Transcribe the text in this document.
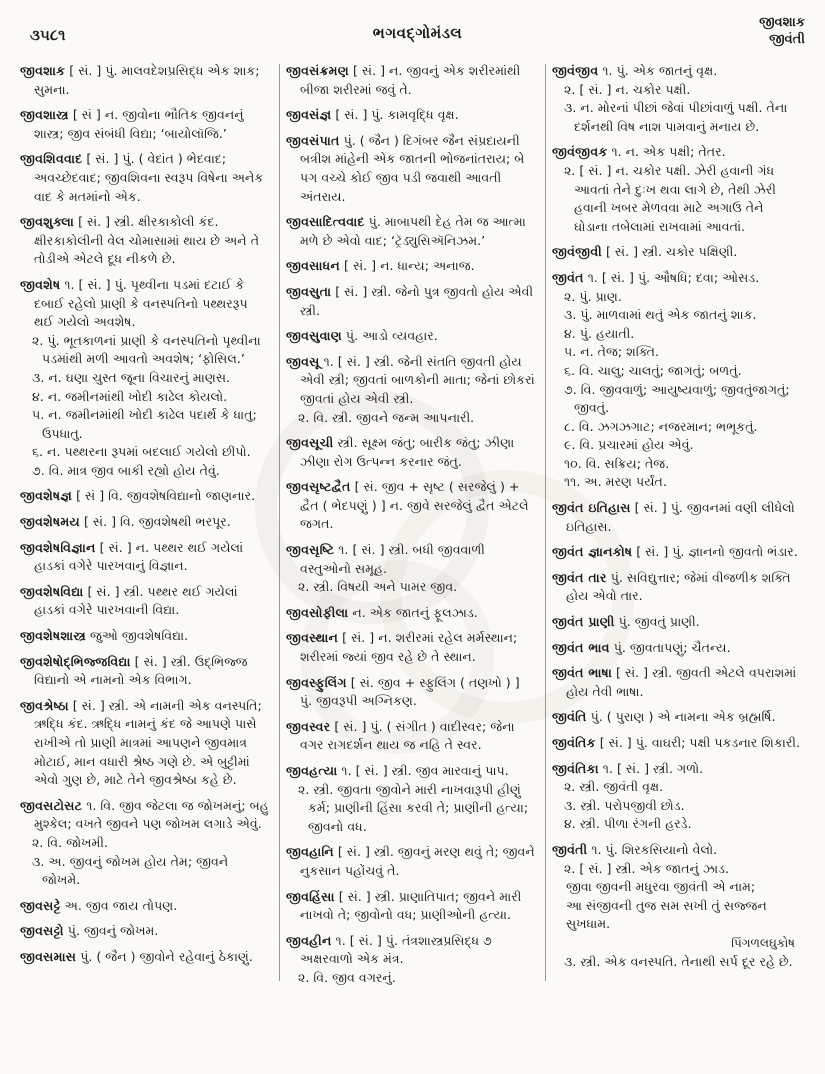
૩૫૮૧	ભગવદ્ગોમંડલ
જીવશાક
જીવંતી

જીવશાક [ સં. ] પું. માલવદેશપ્રસિદ્ધ એક શાક; સુમના.

જીવશાસ્ત્ર [ સં ] ન. જીવોના ભૌતિક જીવનનું શાસ્ત્ર; જીવ સંબંધી વિદ્યા; ‘બાયોલૉજિ.’

જીવશિવવાદ [ સં. ] પું. ( વેદાંત ) ભેદવાદ; અવચ્છેદવાદ; જીવશિવના સ્વરૂપ વિષેના અનેક વાદ કે મતમાંનો એક.

જીવશુક્લા [ સં. ] સ્ત્રી. ક્ષીરકાકોલી કંદ. ક્ષીરકાકોલીની વેલ ચોમાસામાં થાય છે અને તે તોડીએ એટલે દૂધ નીકળે છે.

જીવશેષ ૧. [ સં. ] પું. પૃથ્વીના પડમાં દટાઈ કે દબાઈ રહેલો પ્રાણી કે વનસ્પતિનો પથ્થરરૂપ થઈ ગયેલો અવશેષ.

૨. પું. ભૂતકાળનાં પ્રાણી કે વનસ્પતિનો પૃથ્વીના પડમાંથી મળી આવતો અવશેષ; ‘ફોસિલ.’

૩. ન. ઘણા ચુસ્ત જૂના વિચારનું માણસ.

૪. ન. જમીનમાંથી ખોદી કાઢેલ કોયલો.

૫. ન. જમીનમાંથી ખોદી કાઢેલ પદાર્થ કે ધાતુ; ઉપધાતુ.

૬. ન. પથ્થરના રૂપમાં બદલાઈ ગયેલો છીપો.

૭. વિ. માત્ર જીવ બાકી રહ્યો હોય તેવું.

જીવશેષજ્ઞ [ સં ] વિ. જીવશેષવિદ્યાનો જાણનાર.

જીવશેષમય [ સં. ] વિ. જીવશેષથી ભરપૂર.

જીવશેષવિજ્ઞાન [ સં. ] ન. પથ્થર થઈ ગયેલાં હાડકાં વગેરે પારખવાનું વિજ્ઞાન.

જીવશેષવિદ્યા [ સં. ] સ્ત્રી. પથ્થર થઈ ગયેલાં હાડકાં વગેરે પારખવાની વિદ્યા.

જીવશેષશાસ્ત્ર જુઓ જીવશેષવિદ્યા.

જીવશેષોદ્‌ભિજ્જવિદ્યા [ સં. ] સ્ત્રી. ઉદ્‌ભિજ્જ વિદ્યાનો એ નામનો એક વિભાગ.

જીવશ્રેષ્ઠા [ સં. ] સ્ત્રી. એ નામની એક વનસ્પતિ; ઋદ્ધિ કંદ. ઋદ્ધિ નામનું કંદ જે આપણે પાસે રાખીએ તો પ્રાણી માત્રમાં આપણને જીવમાત્ર મોટાઈ, માન વધારી શ્રેષ્ઠ ગણે છે. એ બુટ્ટીમાં એવો ગુણ છે, માટે તેને જીવશ્રેષ્ઠા કહે છે.

જીવસટોસટ ૧. વિ. જીવ જેટલા જ જોખમનું; બહુ મુશ્કેલ; વખતે જીવને પણ જોખમ લગાડે એવું.

૨. વિ. જોખમી.

૩. અ. જીવનું જોખમ હોય તેમ; જીવને જોખમે.

જીવસટ્ટે અ. જીવ જાય તોપણ.

જીવસટ્ટો પું. જીવનું જોખમ.

જીવસમાસ પું. ( જૈન ) જીવોને રહેવાનું ઠેકાણું.

જીવસંક્રમણ [ સં. ] ન. જીવનું એક શરીરમાંથી બીજા શરીરમાં જવું તે.

જીવસંજ્ઞ [ સં. ] પું. કામવૃદ્ધિ વૃક્ષ.

જીવસંપાત પું. ( જૈન ) દિગંબર જૈન સંપ્રદાયની બત્રીશ માંહેની એક જાતની ભોજનાંતરાય; બે પગ વચ્ચે કોઈ જીવ પડી જવાથી આવતી અંતરાય.

જીવસાદિત્વવાદ પું. માબાપથી દેહ તેમ જ આત્મા મળે છે એવો વાદ; ‘ટ્રૅડ્યુસિઍનિઝમ.’

જીવસાધન [ સં. ] ન. ધાન્ય; અનાજ.

જીવસુતા [ સં. ] સ્ત્રી. જેનો પુત્ર જીવતો હોય એવી સ્ત્રી.

જીવસુવાણ પું. આડો વ્યવહાર.

જીવસૂ ૧. [ સં. ] સ્ત્રી. જેની સંતતિ જીવતી હોય એવી સ્ત્રી; જીવતાં બાળકોની માતા; જેનાં છોકરાં જીવતાં હોય એવી સ્ત્રી.

૨. વિ. સ્ત્રી. જીવને જન્મ આપનારી.

જીવસૂચી સ્ત્રી. સૂક્ષ્મ જંતુ; બારીક જંતુ; ઝીણા ઝીણા રોગ ઉત્પન્ન કરનાર જંતુ.

જીવસૃષ્ટદ્વૈત [ સં. જીવ + સૃષ્ટ ( સરજેલું ) + દ્વૈત ( ભેદપણું ) ] ન. જીવે સરજેલું દ્વૈત એટલે જગત.

જીવસૃષ્ટિ ૧. [ સં. ] સ્ત્રી. બધી જીવવાળી વસ્તુઓનો સમૂહ.

૨. સ્ત્રી. વિષયી અને પામર જીવ.

જીવસોફીલા ન. એક જાતનું ફૂલઝાડ.

જીવસ્થાન [ સં. ] ન. શરીરમાં રહેલ મર્મસ્થાન; શરીરમાં જ્યાં જીવ રહે છે તે સ્થાન.

જીવસ્ફુલિંગ [ સં. જીવ + સ્ફુલિંગ ( તણખો ) ] પું. જીવરૂપી અગ્નિકણ.

જીવસ્વર [ સં. ] પું. ( સંગીત ) વાદીસ્વર; જેના વગર રાગદર્શન થાય જ નહિ તે સ્વર.

જીવહત્યા ૧. [ સં. ] સ્ત્રી. જીવ મારવાનું પાપ.

૨. સ્ત્રી. જીવતા જીવોને મારી નાખવારૂપી હીણું કર્મ; પ્રાણીની હિંસા કરવી તે; પ્રાણીની હત્યા; જીવનો વધ.

જીવહાનિ [ સં. ] સ્ત્રી. જીવનું મરણ થવું તે; જીવને નુકસાન પહોંચવું તે.

જીવહિંસા [ સં. ] સ્ત્રી. પ્રાણાતિપાત; જીવને મારી નાખવો તે; જીવોનો વધ; પ્રાણીઓની હત્યા.

જીવહીન ૧. [ સં. ] પું. તંત્રશાસ્ત્રપ્રસિદ્ધ ૭ અક્ષરવાળો એક મંત્ર.

૨. વિ. જીવ વગરનું.

જીવંજીવ ૧. પું. એક જાતનું વૃક્ષ.

૨. [ સં. ] ન. ચકોર પક્ષી.

૩. ન. મોરનાં પીછાં જેવાં પીછાંવાળું પક્ષી. તેના દર્શનથી વિષ નાશ પામવાનું મનાય છે.

જીવંજીવક ૧. ન. એક પક્ષી; તેતર.

૨. [ સં. ] ન. ચકોર પક્ષી. ઝેરી હવાની ગંધ આવતાં તેને દુઃખ થવા લાગે છે, તેથી ઝેરી હવાની ખબર મેળવવા માટે અગાઉ તેને ઘોડાના તબેલામાં રાખવામાં આવતાં.

જીવંજીવી [ સં. ] સ્ત્રી. ચકોર પક્ષિણી.

જીવંત ૧. [ સં. ] પું. ઔષધિ; દવા; ઓસડ.

૨. પું. પ્રાણ.

૩. પું. માળવામાં થતું એક જાતનું શાક.

૪. પું. હયાતી.

૫. ન. તેજ; શક્તિ.

૬. વિ. ચાલુ; ચાલતું; જાગતું; બળતું.

૭. વિ. જીવવાળું; આયુષ્યવાળું; જીવતુંજાગતું; જીવતું.

૮. વિ. ઝગઝગાટ; નજરમાન; ભભૂકતું.

૯. વિ. પ્રચારમાં હોય એવું.

૧૦. વિ. સક્રિય; તેજ.

૧૧. અ. મરણ પર્યંત.

જીવંત ઇતિહાસ [ સં. ] પું. જીવનમાં વણી લીધેલો ઇતિહાસ.

જીવંત જ્ઞાનકોષ [ સં. ] પું. જ્ઞાનનો જીવતો ભંડાર.

જીવંત તાર પું. સવિદ્યુત્તાર; જેમાં વીજળીક શક્તિ હોય એવો તાર.

જીવંત પ્રાણી પું. જીવતું પ્રાણી.

જીવંત ભાવ પું. જીવતાપણું; ચૈતન્ય.

જીવંત ભાષા [ સં. ] સ્ત્રી. જીવતી એટલે વપરાશમાં હોય તેવી ભાષા.

જીવંતિ પું. ( પુરાણ ) એ નામના એક બ્રહ્મર્ષિ.

જીવંતિક [ સં. ] પું. વાઘરી; પક્ષી પકડનાર શિકારી.

જીવંતિકા ૧. [ સં. ] સ્ત્રી. ગળો.

૨. સ્ત્રી. જીવંતી વૃક્ષ.

૩. સ્ત્રી. પરોપજીવી છોડ.

૪. સ્ત્રી. પીળા રંગની હરડે.

જીવંતી ૧. પું. શિરકસિયાનો વેલો.

૨. [ સં. ] સ્ત્રી. એક જાતનું ઝાડ.

જીવા જીવની મધુરવા જીવંતી એ નામ;

આ સંજીવની તુજ સમ સખી તું સજ્જન સુખધામ.

પિંગળલઘુકોષ

૩. સ્ત્રી. એક વનસ્પતિ. તેનાથી સર્પ દૂર રહે છે.
